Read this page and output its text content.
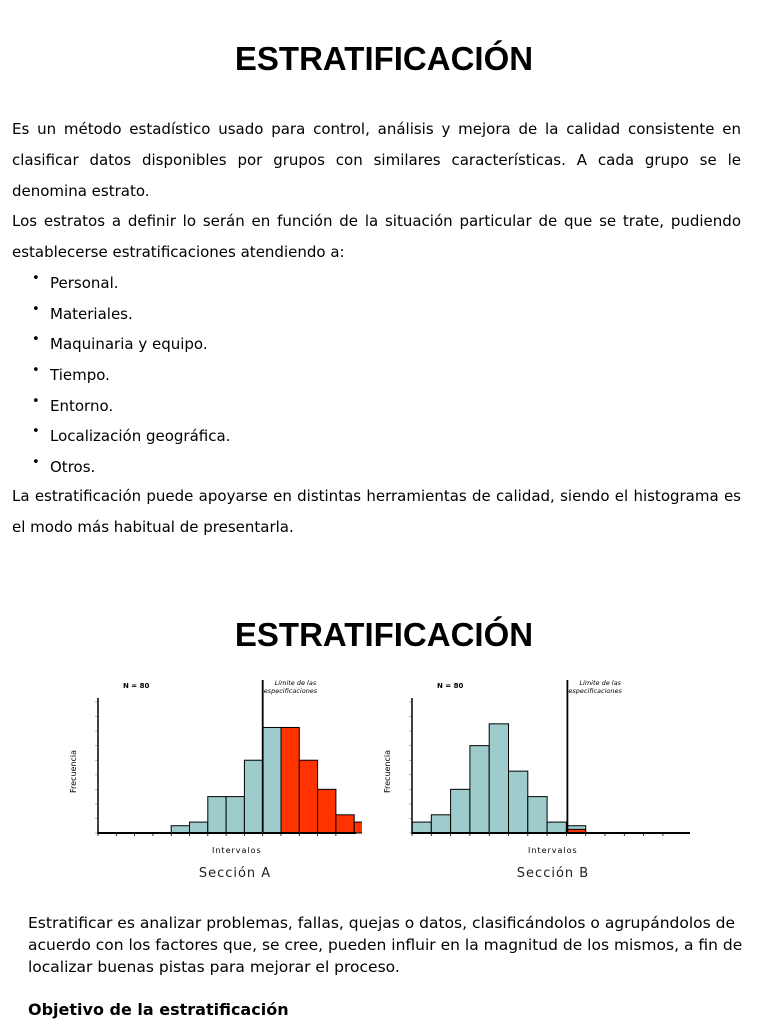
ESTRATIFICACIÓN

Es un método estadístico usado para control, análisis y mejora de la calidad consistente en clasificar datos disponibles por grupos con similares características. A cada grupo se le denomina estrato.

Los estratos a definir lo serán en función de la situación particular de que se trate, pudiendo establecerse estratificaciones atendiendo a:

• Personal.
• Materiales.
• Maquinaria y equipo.
• Tiempo.
• Entorno.
• Localización geográfica.
• Otros.

La estratificación puede apoyarse en distintas herramientas de calidad, siendo el histograma es el modo más habitual de presentarla.

ESTRATIFICACIÓN
N = 80	Límite de las
especificaciones
Frecuencia
Intervalos
N = 80	Límite de las
especificaciones
Frecuencia
Intervalos
Sección A	Sección B

Estratificar es analizar problemas, fallas, quejas o datos, clasificándolos o agrupándolos de acuerdo con los factores que, se cree, pueden influir en la magnitud de los mismos, a fin de localizar buenas pistas para mejorar el proceso.

Objetivo de la estratificación
